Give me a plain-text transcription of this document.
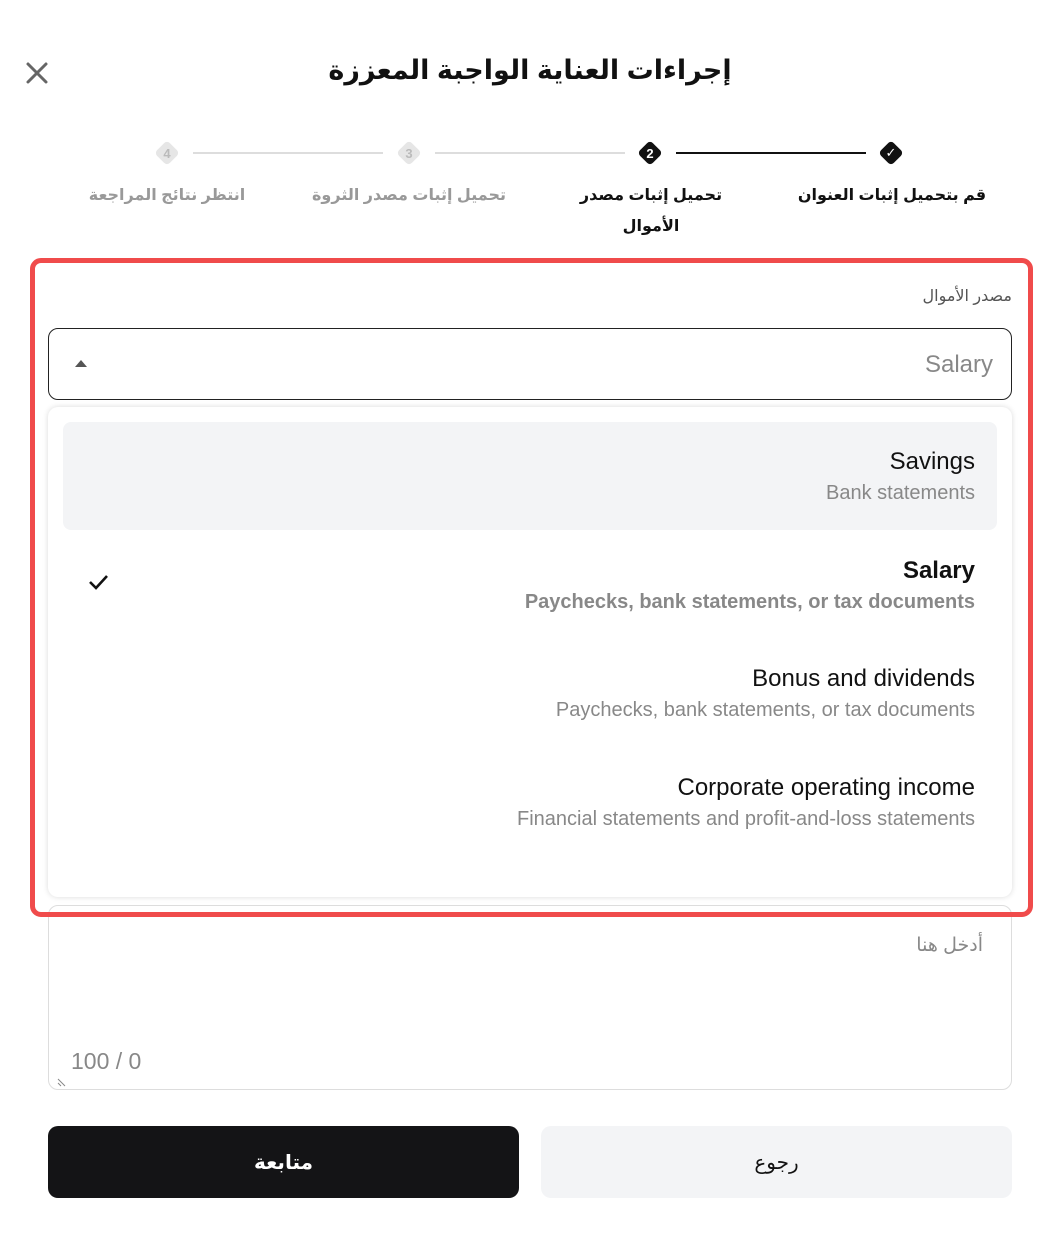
إجراءات العناية الواجبة المعززة
✓
2
3
4
قم بتحميل إثبات العنوان
تحميل إثبات مصدر الأموال
تحميل إثبات مصدر الثروة
انتظر نتائج المراجعة
مصدر الأموال
Salary
Savings
Bank statements
Salary
Paychecks, bank statements, or tax documents
Bonus and dividends
Paychecks, bank statements, or tax documents
Corporate operating income
Financial statements and profit-and-loss statements
أدخل هنا
100 / 0
متابعة	رجوع
